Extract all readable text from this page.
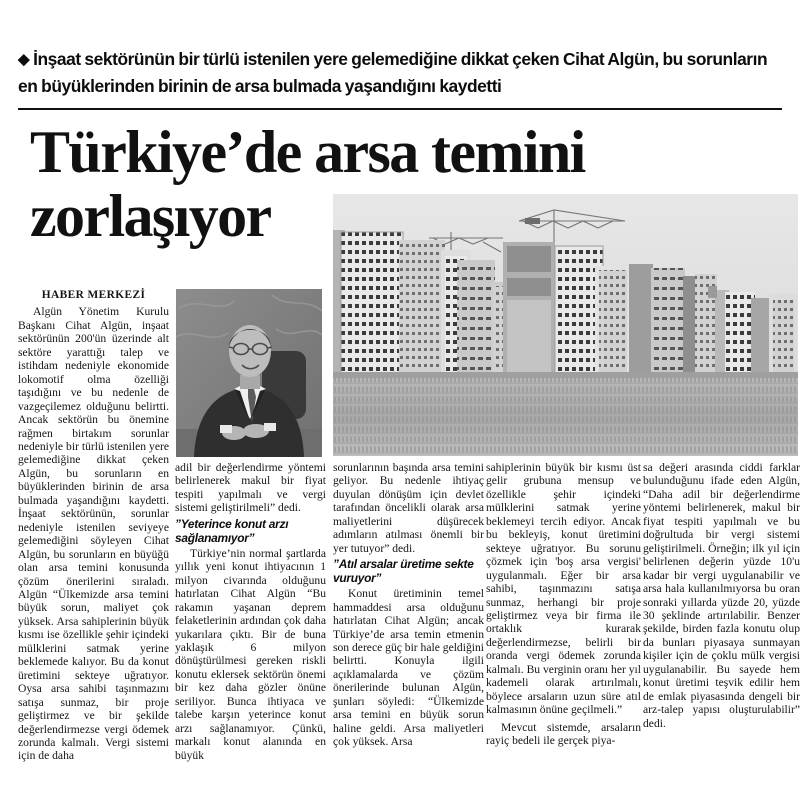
◆ İnşaat sektörünün bir türlü istenilen yere gelemediğine dikkat çeken Cihat Algün, bu sorunların en büyüklerinden birinin de arsa bulmada yaşandığını kaydetti
Türkiye’de arsa temini
zorlaşıyor
HABER MERKEZİ

Algün Yönetim Kurulu Başkanı Cihat Algün, inşaat sektörünün 200'ün üzerinde alt sektöre yarattığı talep ve istihdam nedeniyle ekonomide lokomotif olma özelliği taşıdığını ve bu nedenle de vazgeçilemez olduğunu belirtti. Ancak sektörün bu önemine rağmen birtakım sorunlar nedeniyle bir türlü istenilen yere gelemediğine dikkat çeken Algün, bu sorunların en büyüklerinden birinin de arsa bulmada yaşandığını kaydetti. İnşaat sektörünün, sorunlar nedeniyle istenilen seviyeye gelemediğini söyleyen Cihat Algün, bu sorunların en büyüğü olan arsa temini konusunda çözüm önerilerini sıraladı. Algün “Ülkemizde arsa temini büyük sorun, maliyet çok yüksek. Arsa sahiplerinin büyük kısmı ise özellikle şehir içindeki mülklerini satmak yerine beklemede kalıyor. Bu da konut üretimini sekteye uğratıyor. Oysa arsa sahibi taşınmazını satışa sunmaz, bir proje geliştirmez ve bir şekilde değerlendirmezse vergi ödemek zorunda kalmalı. Vergi sistemi için de daha

adil bir değerlendirme yöntemi belirlenerek makul bir fiyat tespiti yapılmalı ve vergi sistemi geliştirilmeli” dedi.

”Yeterince konut arzı sağlanamıyor”

Türkiye’nin normal şartlarda yıllık yeni konut ihtiyacının 1 milyon civarında olduğunu hatırlatan Cihat Algün “Bu rakamın yaşanan deprem felaketlerinin ardından çok daha yukarılara çıktı. Bir de buna yaklaşık 6 milyon dönüştürülmesi gereken riskli konutu eklersek sektörün önemi bir kez daha gözler önüne seriliyor. Bunca ihtiyaca ve talebe karşın yeterince konut arzı sağlanamıyor. Çünkü, markalı konut alanında en büyük

sorunlarının başında arsa temini geliyor. Bu nedenle ihtiyaç duyulan dönüşüm için devlet tarafından öncelikli olarak arsa maliyetlerini düşürecek adımların atılması önemli bir yer tutuyor” dedi.

”Atıl arsalar üretime sekte vuruyor”

Konut üretiminin temel hammaddesi arsa olduğunu hatırlatan Cihat Algün; ancak Türkiye’de arsa temin etmenin son derece güç bir hale geldiğini belirtti. Konuyla ilgili açıklamalarda ve çözüm önerilerinde bulunan Algün, şunları söyledi: “Ülkemizde arsa temini en büyük sorun haline geldi. Arsa maliyetleri çok yüksek. Arsa

sahiplerinin büyük bir kısmı üst gelir grubuna mensup ve özellikle şehir içindeki mülklerini satmak yerine beklemeyi tercih ediyor. Ancak bu bekleyiş, konut üretimini sekteye uğratıyor. Bu sorunu çözmek için 'boş arsa vergisi' uygulanmalı. Eğer bir arsa sahibi, taşınmazını satışa sunmaz, herhangi bir proje geliştirmez veya bir firma ile ortaklık kurarak değerlendirmezse, belirli bir oranda vergi ödemek zorunda kalmalı. Bu verginin oranı her yıl kademeli olarak artırılmalı, böylece arsaların uzun süre atıl kalmasının önüne geçilmeli.”

Mevcut sistemde, arsaların rayiç bedeli ile gerçek piya-

sa değeri arasında ciddi farklar bulunduğunu ifade eden Algün, “Daha adil bir değerlendirme yöntemi belirlenerek, makul bir fiyat tespiti yapılmalı ve bu doğrultuda bir vergi sistemi geliştirilmeli. Örneğin; ilk yıl için belirlenen değerin yüzde 10'u kadar bir vergi uygulanabilir ve arsa hala kullanılmıyorsa bu oran sonraki yıllarda yüzde 20, yüzde 30 şeklinde artırılabilir. Benzer şekilde, birden fazla konutu olup da bunları piyasaya sunmayan kişiler için de çoklu mülk vergisi uygulanabilir. Bu sayede hem konut üretimi teşvik edilir hem de emlak piyasasında dengeli bir arz-talep yapısı oluşturulabilir” dedi.
